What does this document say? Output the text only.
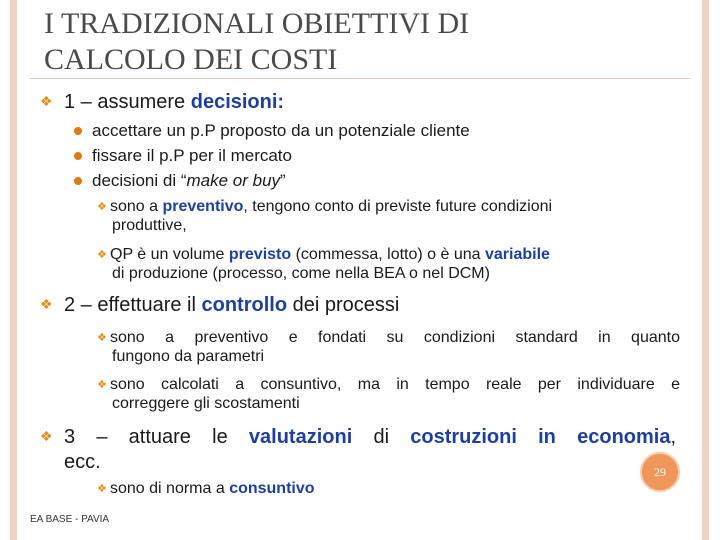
I TRADIZIONALI OBIETTIVI DI
CALCOLO DEI COSTI
❖ 1 – assumere decisioni:
accettare un p.P proposto da un potenziale cliente
fissare il p.P per il mercato
decisioni di “make or buy”
❖ sono a preventivo, tengono conto di previste future condizioni
produttive,
❖ QP è un volume previsto (commessa, lotto) o è una variabile
di produzione (processo, come nella BEA o nel DCM)
❖ 2 – effettuare il controllo dei processi
❖ sono a preventivo e fondati su condizioni standard in quanto
fungono da parametri
❖ sono calcolati a consuntivo, ma in tempo reale per individuare e
correggere gli scostamenti
❖ 3 – attuare le valutazioni di costruzioni in economia,
ecc.
❖ sono di norma a consuntivo
29
EA BASE - PAVIA
